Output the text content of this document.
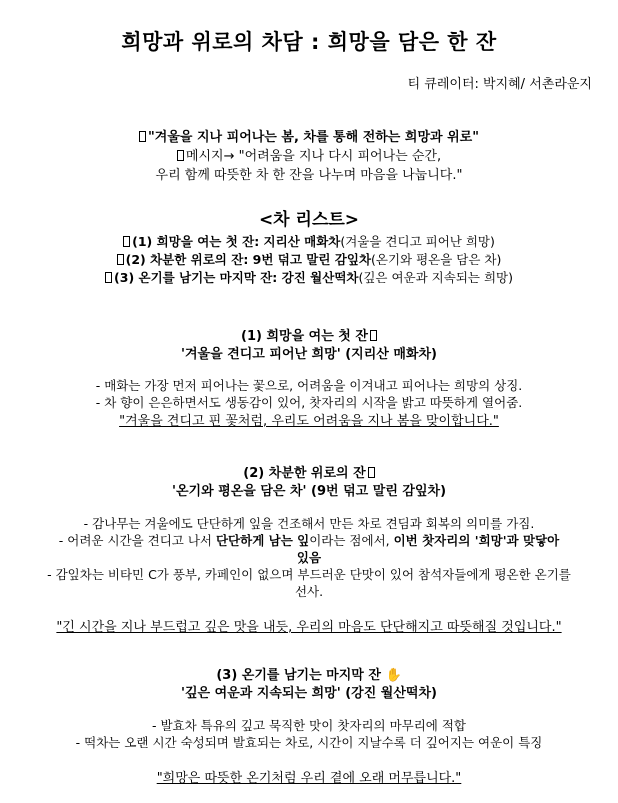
희망과 위로의 차담 : 희망을 담은 한 잔
티 큐레이터: 박지혜/ 서촌라운지
"겨울을 지나 피어나는 봄, 차를 통해 전하는 희망과 위로"
메시지→ "어려움을 지나 다시 피어나는 순간,
우리 함께 따뜻한 차 한 잔을 나누며 마음을 나눕니다."
<차 리스트>
(1) 희망을 여는 첫 잔: 지리산 매화차(겨울을 견디고 피어난 희망)
(2) 차분한 위로의 잔: 9번 덖고 말린 감잎차(온기와 평온을 담은 차)
(3) 온기를 남기는 마지막 잔: 강진 월산떡차(깊은 여운과 지속되는 희망)
(1) 희망을 여는 첫 잔
'겨울을 견디고 피어난 희망' (지리산 매화차)
- 매화는 가장 먼저 피어나는 꽃으로, 어려움을 이겨내고 피어나는 희망의 상징.
- 차 향이 은은하면서도 생동감이 있어, 찻자리의 시작을 밝고 따뜻하게 열어줌.
"겨울을 견디고 핀 꽃처럼, 우리도 어려움을 지나 봄을 맞이합니다."
(2) 차분한 위로의 잔
'온기와 평온을 담은 차' (9번 덖고 말린 감잎차)
- 감나무는 겨울에도 단단하게 잎을 건조해서 만든 차로 견딤과 회복의 의미를 가짐.
- 어려운 시간을 견디고 나서 단단하게 남는 잎이라는 점에서, 이번 찻자리의 '희망'과 맞닿아
있음
- 감잎차는 비타민 C가 풍부, 카페인이 없으며 부드러운 단맛이 있어 참석자들에게 평온한 온기를
선사.
"긴 시간을 지나 부드럽고 깊은 맛을 내듯, 우리의 마음도 단단해지고 따뜻해질 것입니다."
(3) 온기를 남기는 마지막 잔 ✋
'깊은 여운과 지속되는 희망' (강진 월산떡차)
- 발효차 특유의 깊고 묵직한 맛이 찻자리의 마무리에 적합
- 떡차는 오랜 시간 숙성되며 발효되는 차로, 시간이 지날수록 더 깊어지는 여운이 특징
"희망은 따뜻한 온기처럼 우리 곁에 오래 머무릅니다."
